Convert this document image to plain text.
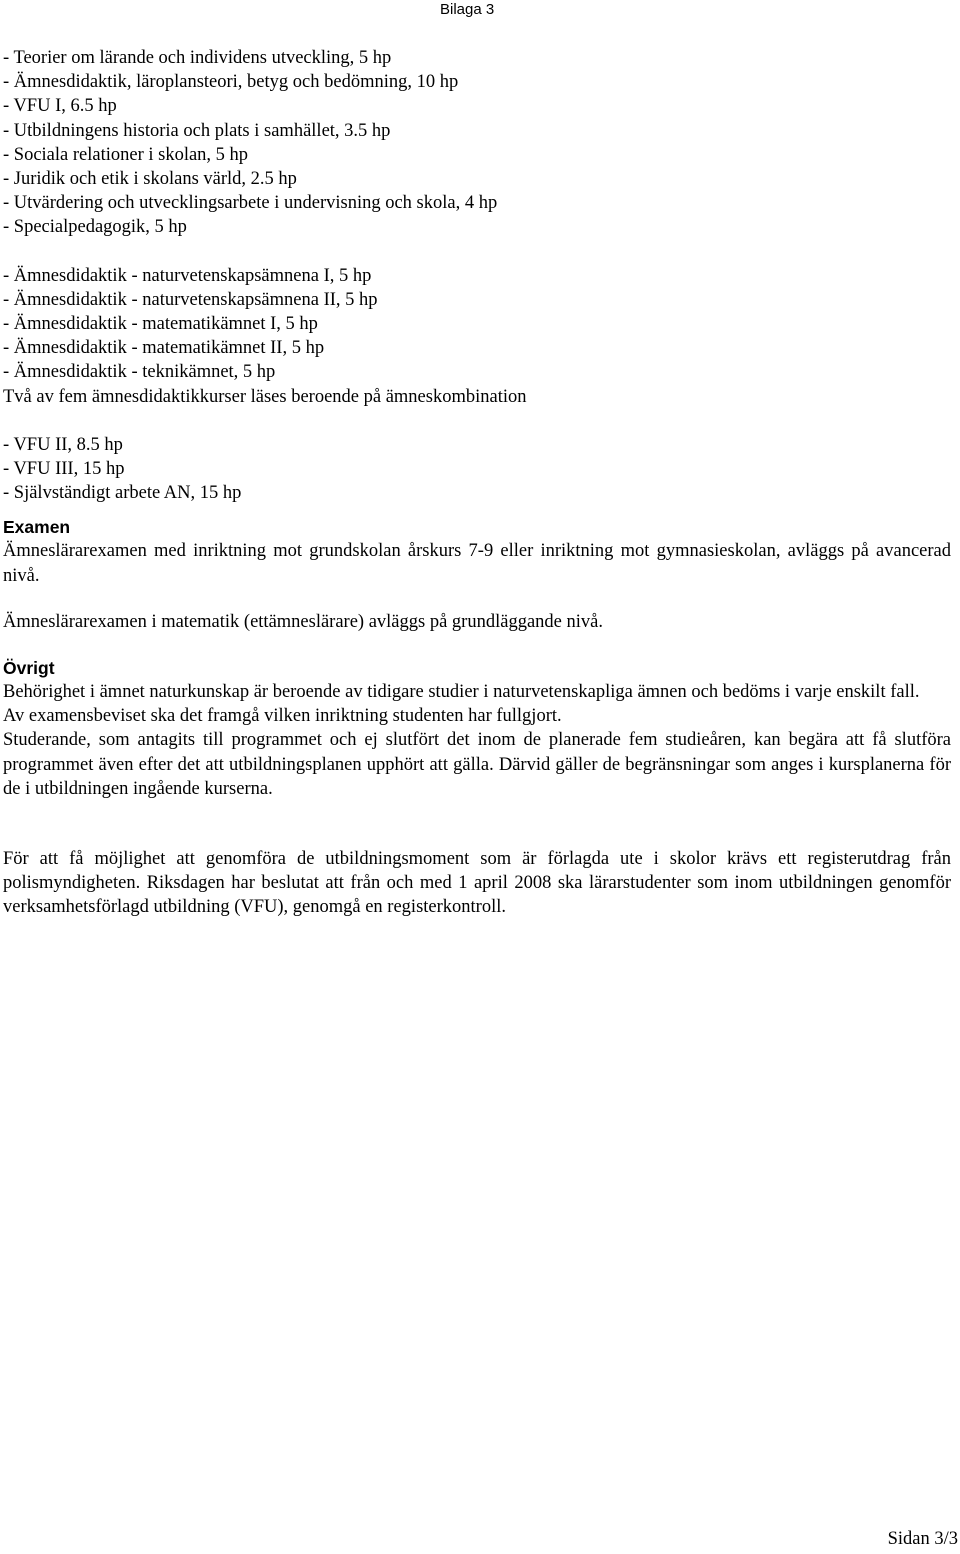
Bilaga 3
- Teorier om lärande och individens utveckling, 5 hp
- Ämnesdidaktik, läroplansteori, betyg och bedömning, 10 hp
- VFU I, 6.5 hp
- Utbildningens historia och plats i samhället, 3.5 hp
- Sociala relationer i skolan, 5 hp
- Juridik och etik i skolans värld, 2.5 hp
- Utvärdering och utvecklingsarbete i undervisning och skola, 4 hp
- Specialpedagogik, 5 hp
- Ämnesdidaktik - naturvetenskapsämnena I, 5 hp
- Ämnesdidaktik - naturvetenskapsämnena II, 5 hp
- Ämnesdidaktik - matematikämnet I, 5 hp
- Ämnesdidaktik - matematikämnet II, 5 hp
- Ämnesdidaktik - teknikämnet, 5 hp
Två av fem ämnesdidaktikkurser läses beroende på ämneskombination
- VFU II, 8.5 hp
- VFU III, 15 hp
- Självständigt arbete AN, 15 hp
Examen

Ämneslärarexamen med inriktning mot grundskolan årskurs 7-9 eller inriktning mot gymnasieskolan, avläggs på avancerad nivå.

Ämneslärarexamen i matematik (ettämneslärare) avläggs på grundläggande nivå.

Övrigt

Behörighet i ämnet naturkunskap är beroende av tidigare studier i naturvetenskapliga ämnen och bedöms i varje enskilt fall.

Av examensbeviset ska det framgå vilken inriktning studenten har fullgjort.

Studerande, som antagits till programmet och ej slutfört det inom de planerade fem studieåren, kan begära att få slutföra programmet även efter det att utbildningsplanen upphört att gälla. Därvid gäller de begränsningar som anges i kursplanerna för de i utbildningen ingående kurserna.

För att få möjlighet att genomföra de utbildningsmoment som är förlagda ute i skolor krävs ett registerutdrag från polismyndigheten. Riksdagen har beslutat att från och med 1 april 2008 ska lärarstudenter som inom utbildningen genomför verksamhetsförlagd utbildning (VFU), genomgå en registerkontroll.

Sidan 3/3
